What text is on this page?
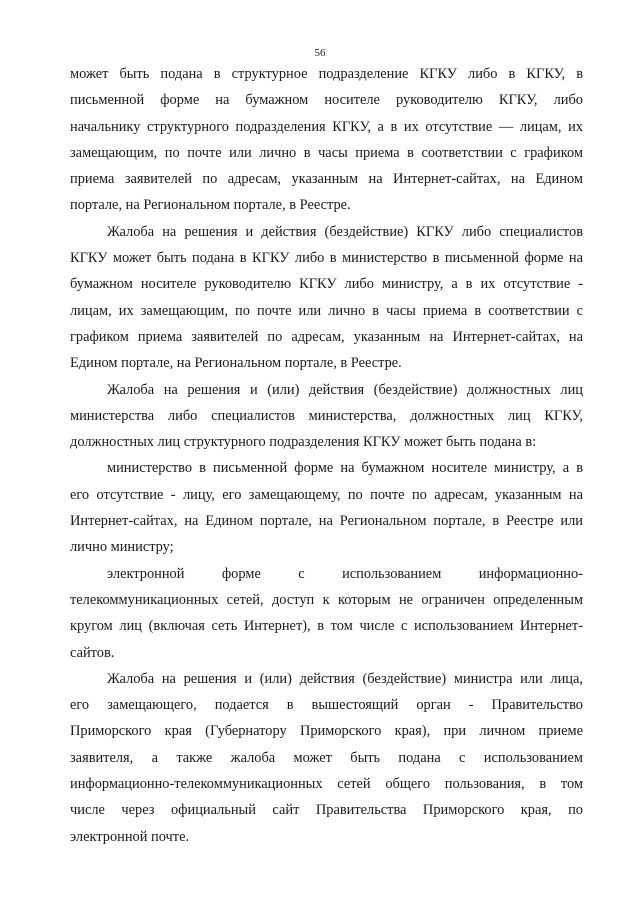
56
может быть подана в структурное подразделение КГКУ либо в КГКУ, в
письменной форме на бумажном носителе руководителю КГКУ, либо
начальнику структурного подразделения КГКУ, а в их отсутствие — лицам, их
замещающим, по почте или лично в часы приема в соответствии с графиком
приема заявителей по адресам, указанным на Интернет-сайтах, на Едином
портале, на Региональном портале, в Реестре.
Жалоба на решения и действия (бездействие) КГКУ либо специалистов
КГКУ может быть подана в КГКУ либо в министерство в письменной форме на
бумажном носителе руководителю КГКУ либо министру, а в их отсутствие -
лицам, их замещающим, по почте или лично в часы приема в соответствии с
графиком приема заявителей по адресам, указанным на Интернет-сайтах, на
Едином портале, на Региональном портале, в Реестре.
Жалоба на решения и (или) действия (бездействие) должностных лиц
министерства либо специалистов министерства, должностных лиц КГКУ,
должностных лиц структурного подразделения КГКУ может быть подана в:
министерство в письменной форме на бумажном носителе министру, а в
его отсутствие - лицу, его замещающему, по почте по адресам, указанным на
Интернет-сайтах, на Едином портале, на Региональном портале, в Реестре или
лично министру;
электронной форме с использованием информационно-
телекоммуникационных сетей, доступ к которым не ограничен определенным
кругом лиц (включая сеть Интернет), в том числе с использованием Интернет-
сайтов.
Жалоба на решения и (или) действия (бездействие) министра или лица,
его замещающего, подается в вышестоящий орган - Правительство
Приморского края (Губернатору Приморского края), при личном приеме
заявителя, а также жалоба может быть подана с использованием
информационно-телекоммуникационных сетей общего пользования, в том
числе через официальный сайт Правительства Приморского края, по
электронной почте.
